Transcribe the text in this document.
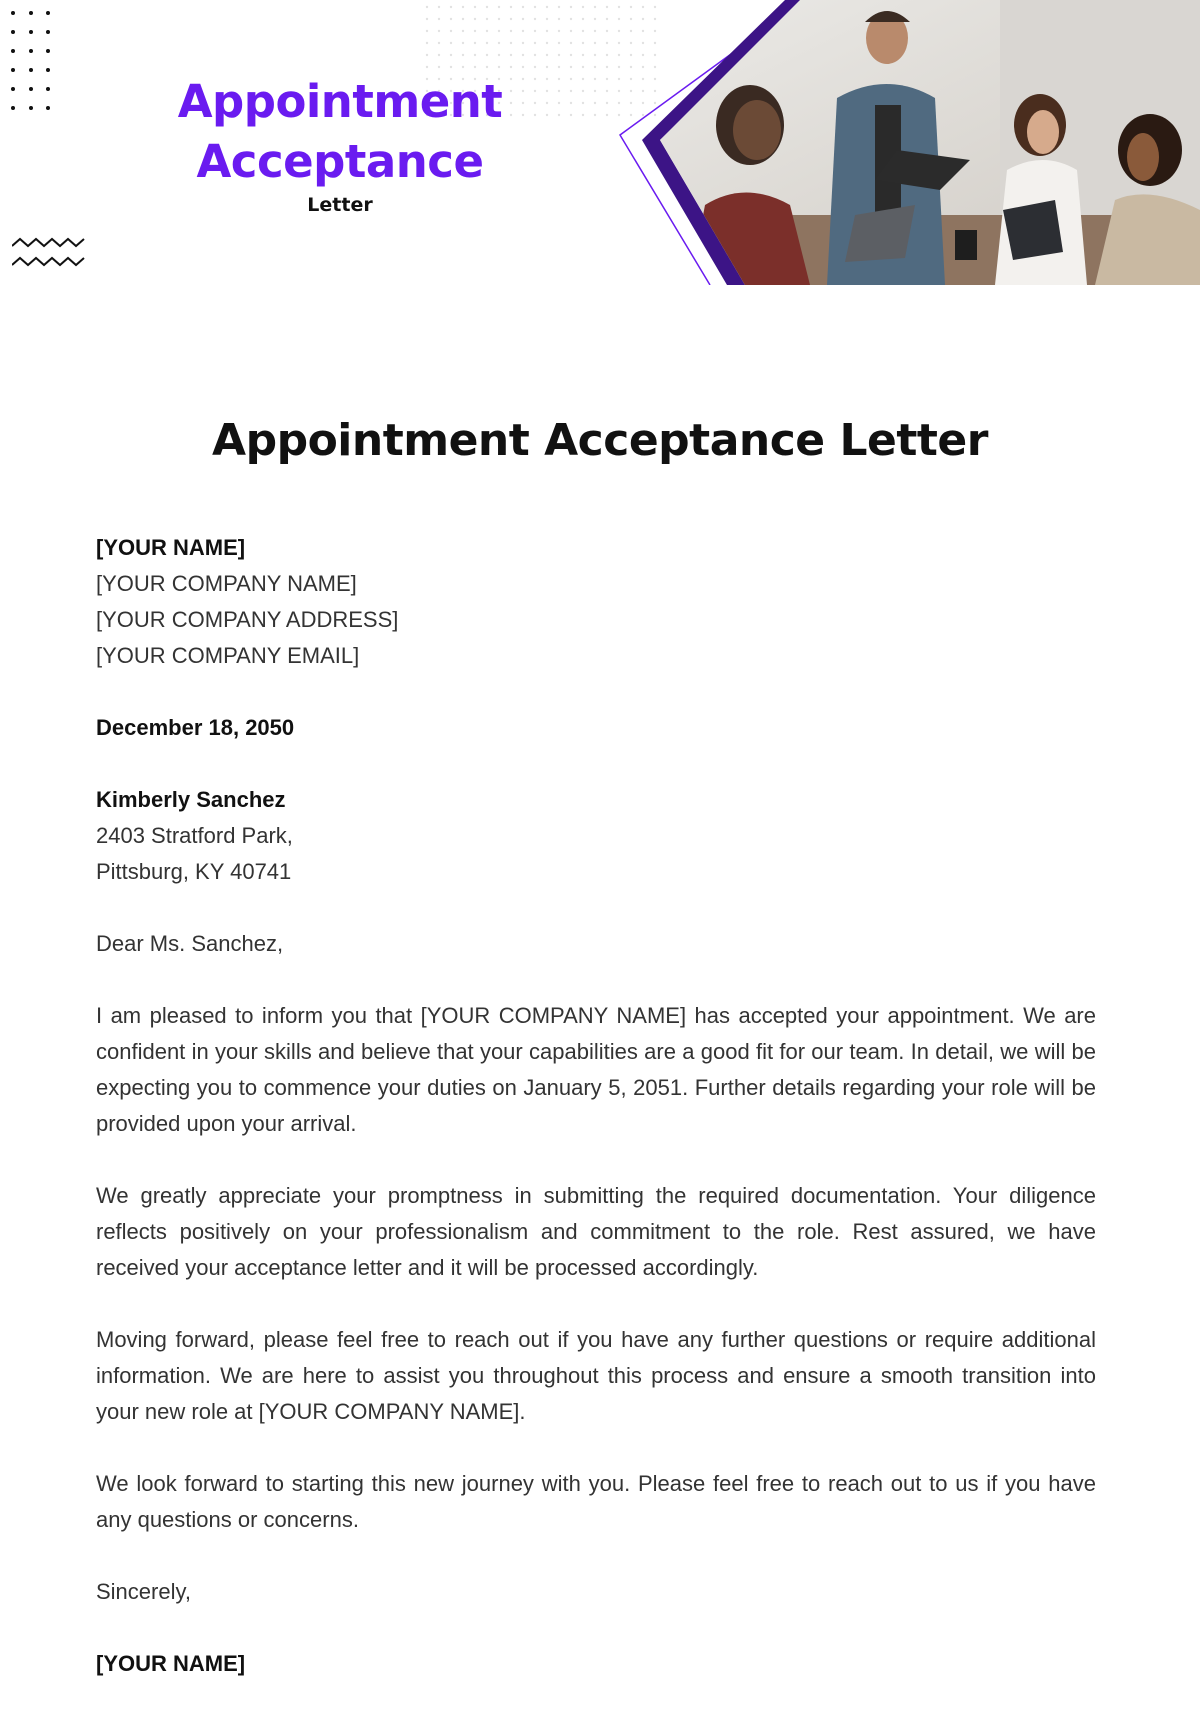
Appointment
Acceptance
Letter
Appointment Acceptance Letter
[YOUR NAME]
[YOUR COMPANY NAME]
[YOUR COMPANY ADDRESS]
[YOUR COMPANY EMAIL]
December 18, 2050
Kimberly Sanchez
2403 Stratford Park,
Pittsburg, KY 40741
Dear Ms. Sanchez,

I am pleased to inform you that [YOUR COMPANY NAME] has accepted your appointment. We are confident in your skills and believe that your capabilities are a good fit for our team. In detail, we will be expecting you to commence your duties on January 5, 2051. Further details regarding your role will be provided upon your arrival.

We greatly appreciate your promptness in submitting the required documentation. Your diligence reflects positively on your professionalism and commitment to the role. Rest assured, we have received your acceptance letter and it will be processed accordingly.

Moving forward, please feel free to reach out if you have any further questions or require additional information. We are here to assist you throughout this process and ensure a smooth transition into your new role at [YOUR COMPANY NAME].

We look forward to starting this new journey with you. Please feel free to reach out to us if you have any questions or concerns.

Sincerely,
[YOUR NAME]
